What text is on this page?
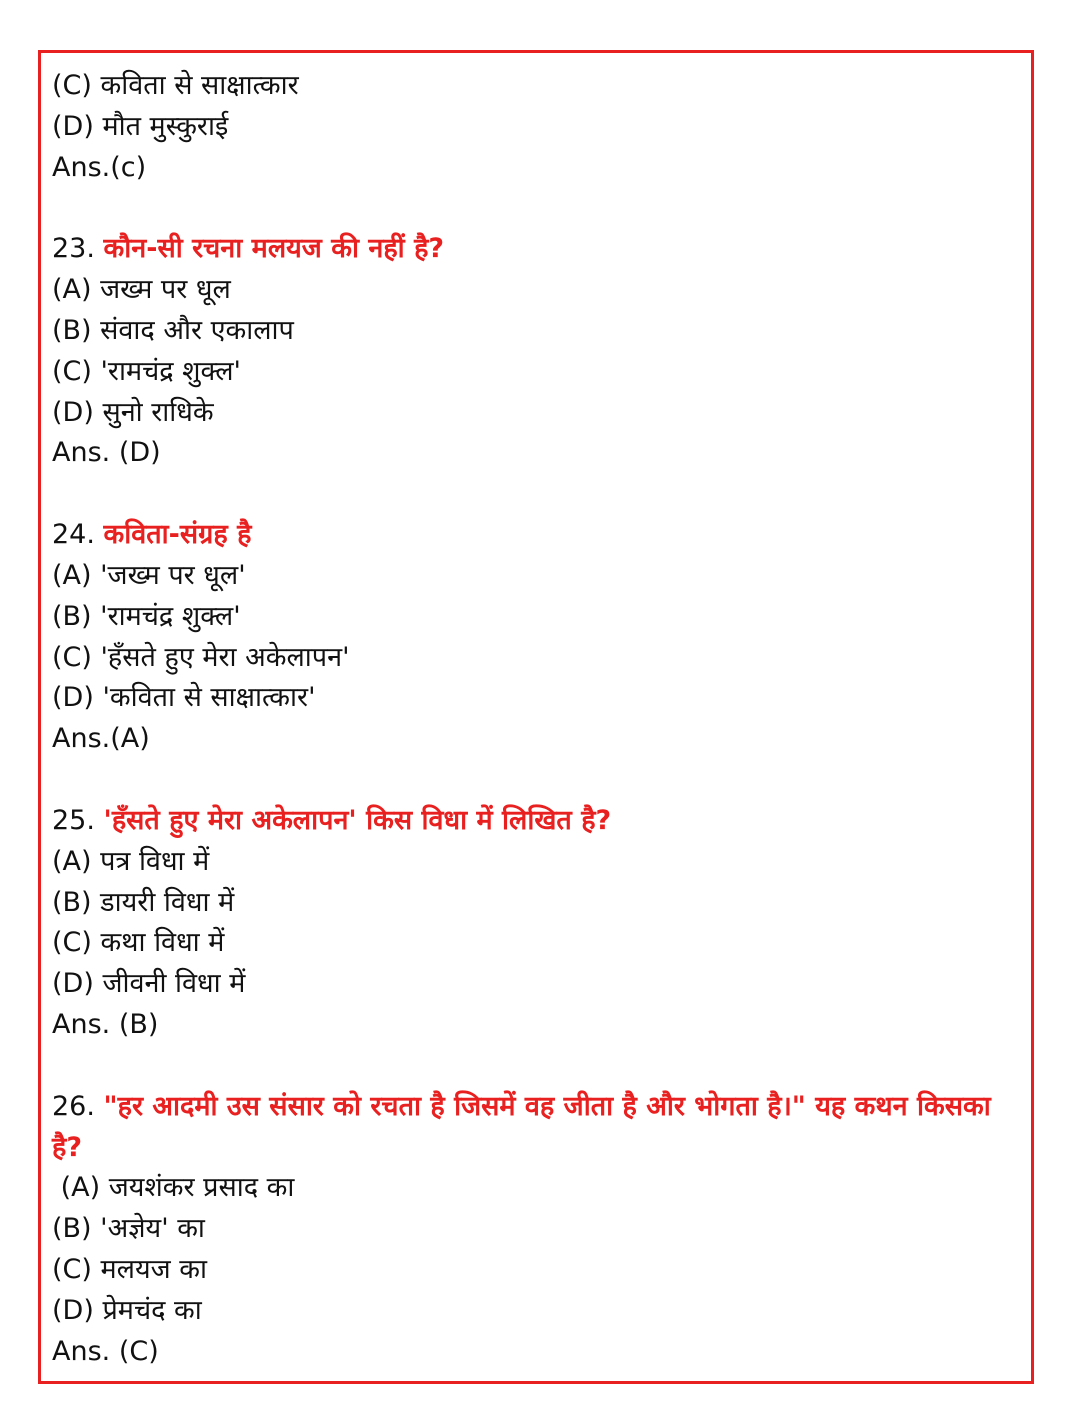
(C) कविता से साक्षात्कार
(D) मौत मुस्कुराई
Ans.(c)
23. कौन-सी रचना मलयज की नहीं है?
(A) जख्म पर धूल
(B) संवाद और एकालाप
(C) 'रामचंद्र शुक्ल'
(D) सुनो राधिके
Ans. (D)
24. कविता-संग्रह है
(A) 'जख्म पर धूल'
(B) 'रामचंद्र शुक्ल'
(C) 'हँसते हुए मेरा अकेलापन'
(D) 'कविता से साक्षात्कार'
Ans.(A)
25. 'हँसते हुए मेरा अकेलापन' किस विधा में लिखित है?
(A) पत्र विधा में
(B) डायरी विधा में
(C) कथा विधा में
(D) जीवनी विधा में
Ans. (B)
26. "हर आदमी उस संसार को रचता है जिसमें वह जीता है और भोगता है।" यह कथन किसका है?
(A) जयशंकर प्रसाद का
(B) 'अज्ञेय' का
(C) मलयज का
(D) प्रेमचंद का
Ans. (C)
